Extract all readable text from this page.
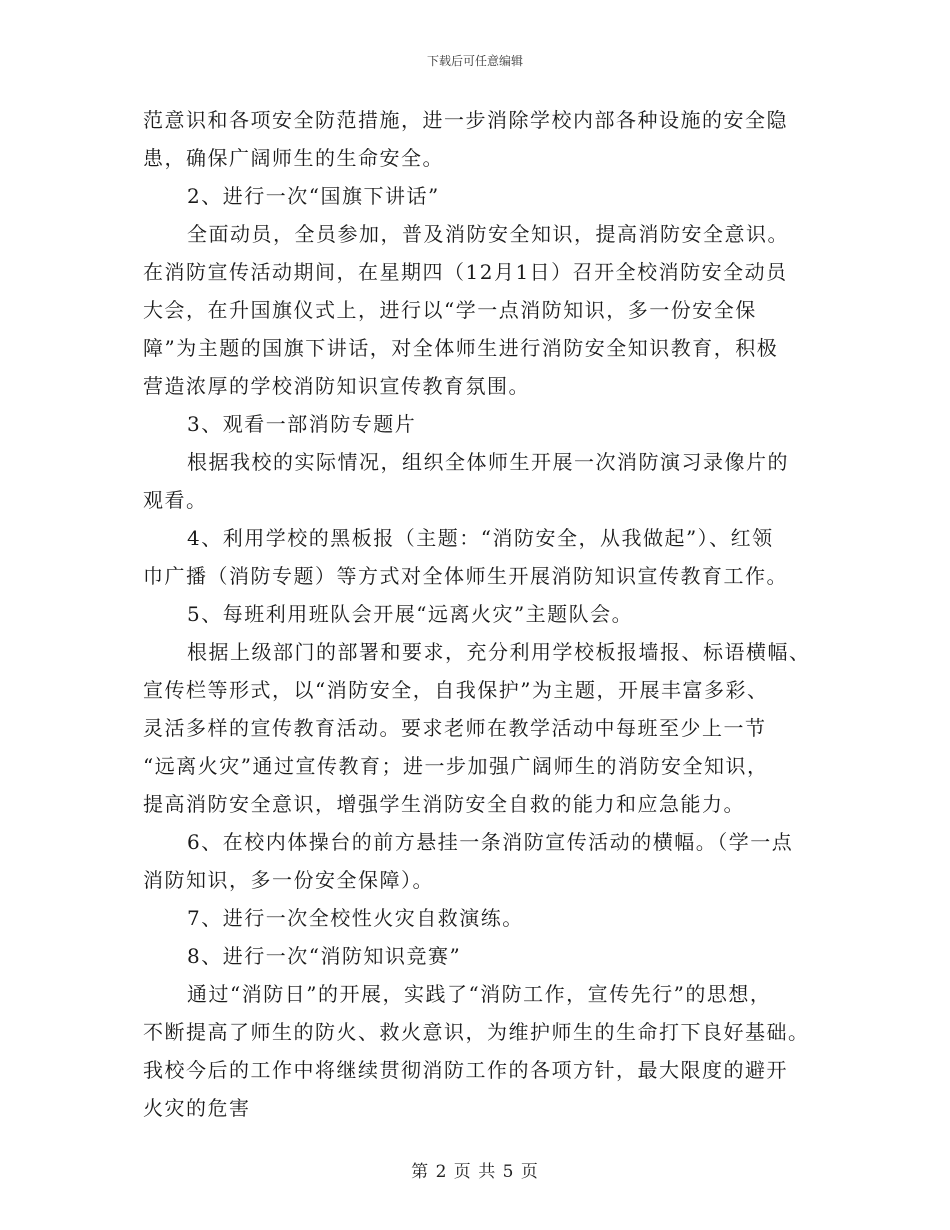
下载后可任意编辑
范意识和各项安全防范措施，进一步消除学校内部各种设施的安全隐
患，确保广阔师生的生命安全。
2、进行一次“国旗下讲话”
全面动员，全员参加，普及消防安全知识，提高消防安全意识。
在消防宣传活动期间，在星期四（12月1日）召开全校消防安全动员
大会，在升国旗仪式上，进行以“学一点消防知识，多一份安全保
障”为主题的国旗下讲话，对全体师生进行消防安全知识教育，积极
营造浓厚的学校消防知识宣传教育氛围。
3、观看一部消防专题片
根据我校的实际情况，组织全体师生开展一次消防演习录像片的
观看。
4、利用学校的黑板报（主题：“消防安全，从我做起”）、红领
巾广播（消防专题）等方式对全体师生开展消防知识宣传教育工作。
5、每班利用班队会开展“远离火灾”主题队会。
根据上级部门的部署和要求，充分利用学校板报墙报、标语横幅、
宣传栏等形式，以“消防安全，自我保护”为主题，开展丰富多彩、
灵活多样的宣传教育活动。要求老师在教学活动中每班至少上一节
“远离火灾”通过宣传教育；进一步加强广阔师生的消防安全知识，
提高消防安全意识，增强学生消防安全自救的能力和应急能力。
6、在校内体操台的前方悬挂一条消防宣传活动的横幅。（学一点
消防知识，多一份安全保障）。
7、进行一次全校性火灾自救演练。
8、进行一次“消防知识竞赛”
通过“消防日”的开展，实践了“消防工作，宣传先行”的思想，
不断提高了师生的防火、救火意识，为维护师生的生命打下良好基础。
我校今后的工作中将继续贯彻消防工作的各项方针，最大限度的避开
火灾的危害
第 2 页 共 5 页
